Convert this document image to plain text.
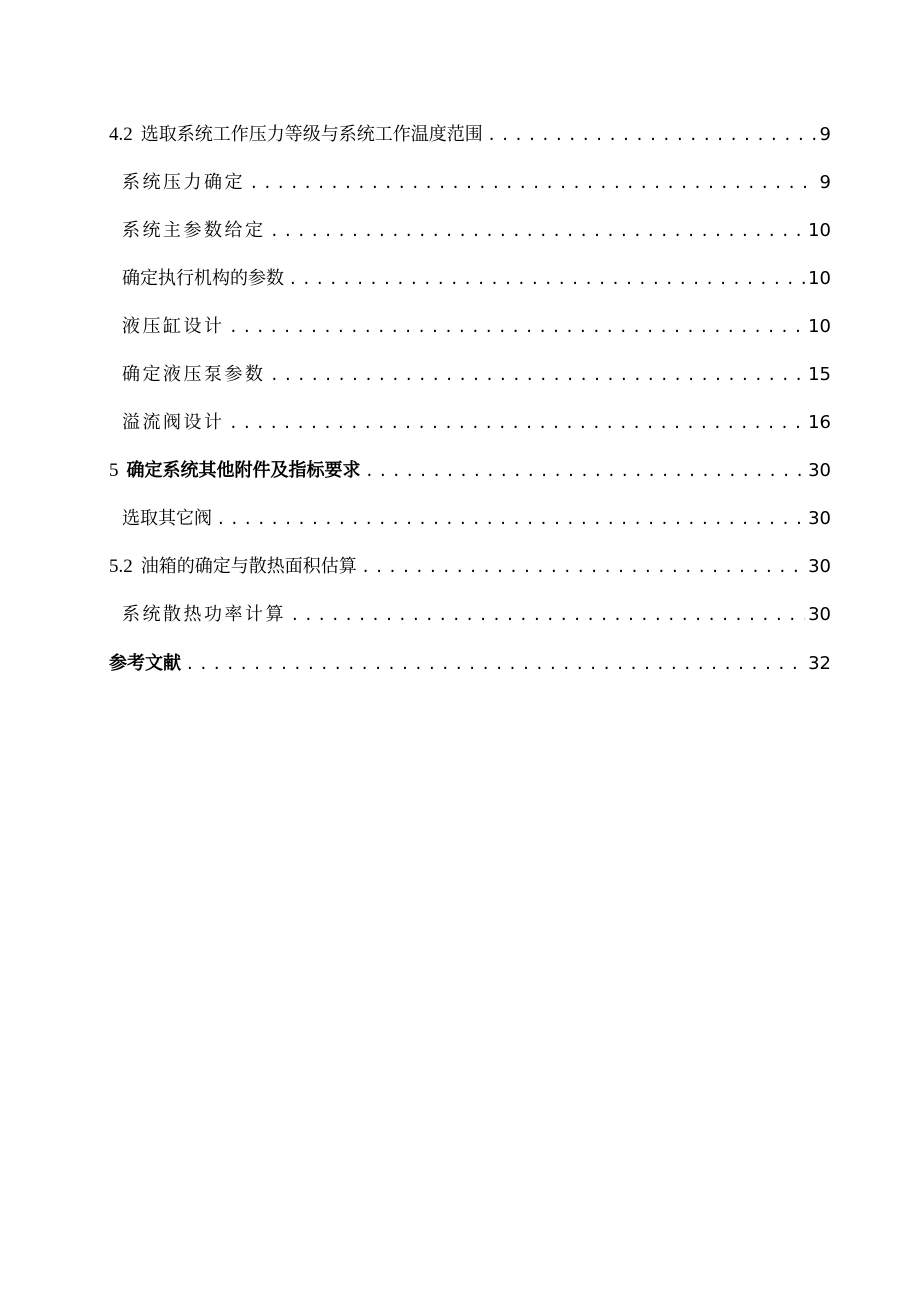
4.2 选取系统工作压力等级与系统工作温度范围 . . .	9
系统压力确定 . . .	9
系统主参数给定 . . .	10
确定执行机构的参数 . . .	10
液压缸设计 . . .	10
确定液压泵参数 . . .	15
溢流阀设计 . . .	16
5 确定系统其他附件及指标要求 . . .	30
选取其它阀 . . .	30
5.2 油箱的确定与散热面积估算 . . .	30
系统散热功率计算 . . .	30
参考文献 . . .	32
